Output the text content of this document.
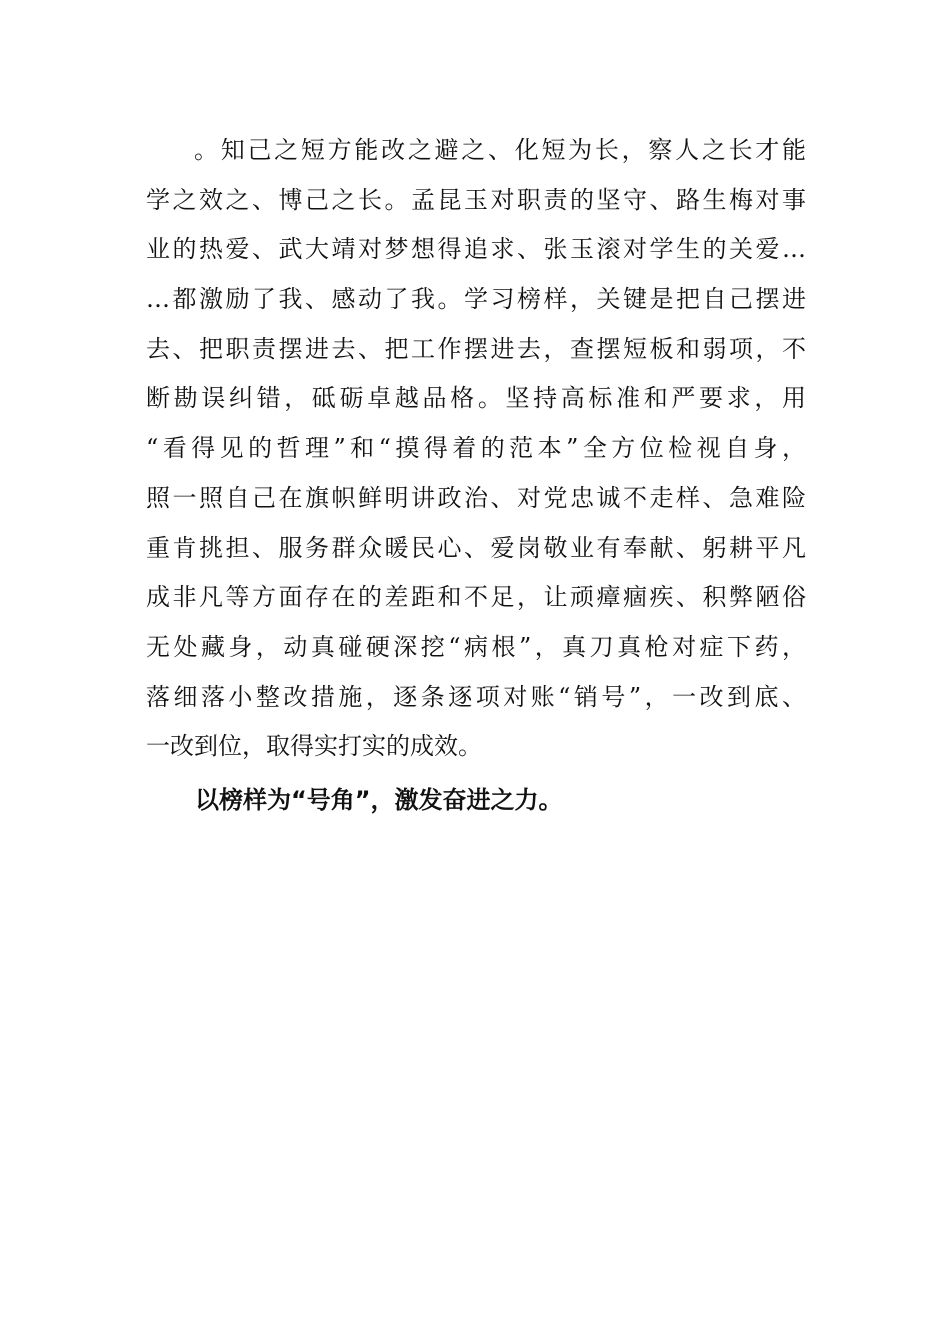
。知己之短方能改之避之、化短为长，察人之长才能
学之效之、博己之长。孟昆玉对职责的坚守、路生梅对事
业的热爱、武大靖对梦想得追求、张玉滚对学生的关爱…
…都激励了我、感动了我。学习榜样，关键是把自己摆进
去、把职责摆进去、把工作摆进去，查摆短板和弱项，不
断勘误纠错，砥砺卓越品格。坚持高标准和严要求，用
“看得见的哲理”和“摸得着的范本”全方位检视自身，
照一照自己在旗帜鲜明讲政治、对党忠诚不走样、急难险
重肯挑担、服务群众暖民心、爱岗敬业有奉献、躬耕平凡
成非凡等方面存在的差距和不足，让顽瘴痼疾、积弊陋俗
无处藏身，动真碰硬深挖“病根”，真刀真枪对症下药，
落细落小整改措施，逐条逐项对账“销号”，一改到底、
一改到位，取得实打实的成效。
以榜样为“号角”，激发奋进之力。
